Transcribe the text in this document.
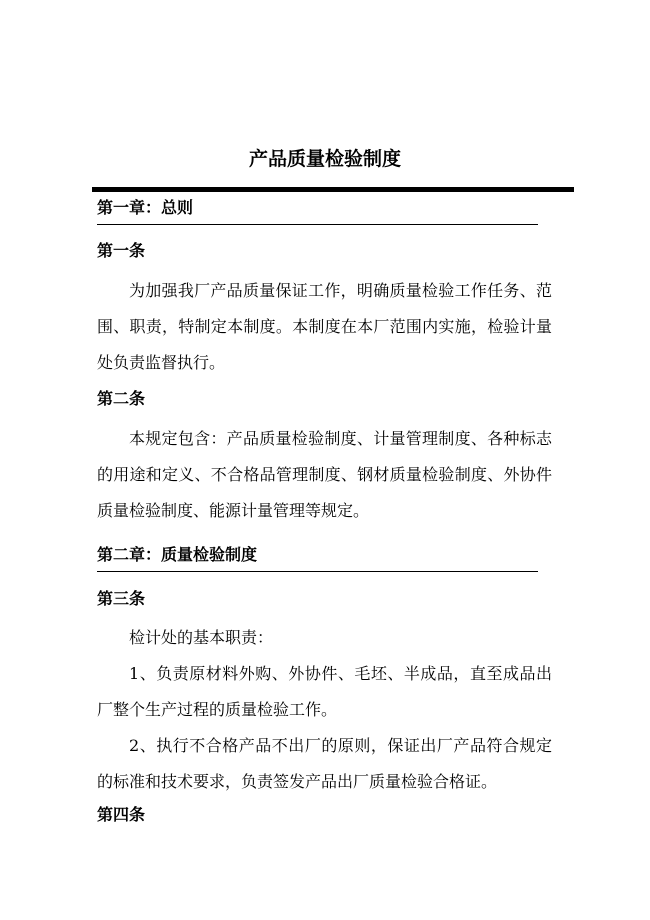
产品质量检验制度
第一章：总则
第一条

为加强我厂产品质量保证工作，明确质量检验工作任务、范围、职责，特制定本制度。本制度在本厂范围内实施，检验计量处负责监督执行。

第二条

本规定包含：产品质量检验制度、计量管理制度、各种标志的用途和定义、不合格品管理制度、钢材质量检验制度、外协件质量检验制度、能源计量管理等规定。

第二章：质量检验制度
第三条

检计处的基本职责：

1、负责原材料外购、外协件、毛坯、半成品，直至成品出厂整个生产过程的质量检验工作。

2、执行不合格产品不出厂的原则，保证出厂产品符合规定的标准和技术要求，负责签发产品出厂质量检验合格证。

第四条
